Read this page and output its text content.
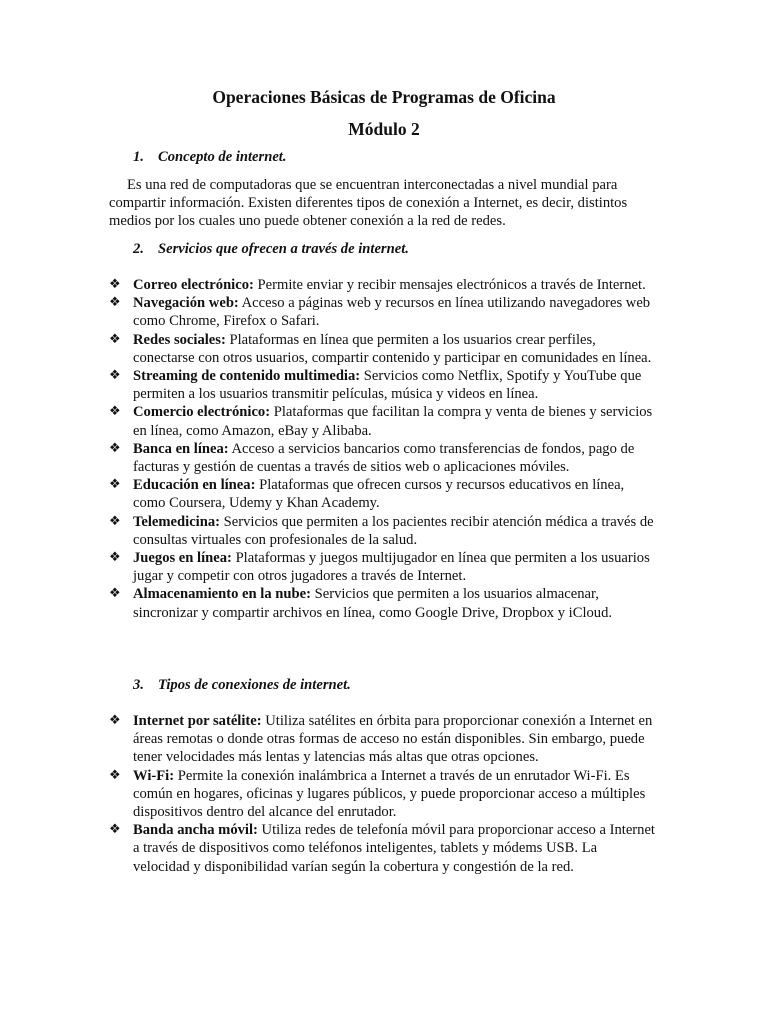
Operaciones Básicas de Programas de Oficina
Módulo 2
1. Concepto de internet.

Es una red de computadoras que se encuentran interconectadas a nivel mundial para compartir información. Existen diferentes tipos de conexión a Internet, es decir, distintos medios por los cuales uno puede obtener conexión a la red de redes.

2. Servicios que ofrecen a través de internet.
❖ Correo electrónico: Permite enviar y recibir mensajes electrónicos a través de Internet.
❖ Navegación web: Acceso a páginas web y recursos en línea utilizando navegadores web como Chrome, Firefox o Safari.
❖ Redes sociales: Plataformas en línea que permiten a los usuarios crear perfiles, conectarse con otros usuarios, compartir contenido y participar en comunidades en línea.
❖ Streaming de contenido multimedia: Servicios como Netflix, Spotify y YouTube que permiten a los usuarios transmitir películas, música y videos en línea.
❖ Comercio electrónico: Plataformas que facilitan la compra y venta de bienes y servicios en línea, como Amazon, eBay y Alibaba.
❖ Banca en línea: Acceso a servicios bancarios como transferencias de fondos, pago de facturas y gestión de cuentas a través de sitios web o aplicaciones móviles.
❖ Educación en línea: Plataformas que ofrecen cursos y recursos educativos en línea, como Coursera, Udemy y Khan Academy.
❖ Telemedicina: Servicios que permiten a los pacientes recibir atención médica a través de consultas virtuales con profesionales de la salud.
❖ Juegos en línea: Plataformas y juegos multijugador en línea que permiten a los usuarios jugar y competir con otros jugadores a través de Internet.
❖ Almacenamiento en la nube: Servicios que permiten a los usuarios almacenar, sincronizar y compartir archivos en línea, como Google Drive, Dropbox y iCloud.
3. Tipos de conexiones de internet.
❖ Internet por satélite: Utiliza satélites en órbita para proporcionar conexión a Internet en áreas remotas o donde otras formas de acceso no están disponibles. Sin embargo, puede tener velocidades más lentas y latencias más altas que otras opciones.
❖ Wi-Fi: Permite la conexión inalámbrica a Internet a través de un enrutador Wi-Fi. Es común en hogares, oficinas y lugares públicos, y puede proporcionar acceso a múltiples dispositivos dentro del alcance del enrutador.
❖ Banda ancha móvil: Utiliza redes de telefonía móvil para proporcionar acceso a Internet a través de dispositivos como teléfonos inteligentes, tablets y módems USB. La velocidad y disponibilidad varían según la cobertura y congestión de la red.
